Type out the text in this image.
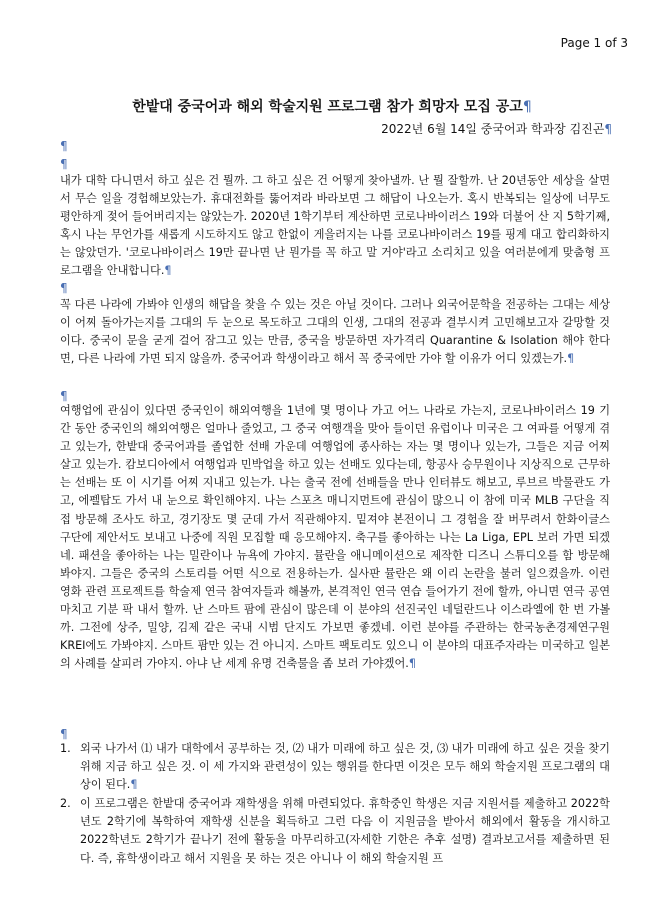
Page 1 of 3
한밭대 중국어과 해외 학술지원 프로그램 참가 희망자 모집 공고¶
2022년 6월 14일 중국어과 학과장 김진곤¶
¶
¶
내가 대학 다니면서 하고 싶은 건 뭘까. 그 하고 싶은 건 어떻게 찾아낼까. 난 뭘 잘할까. 난 20년동안 세상을 살면서 무슨 일을 경험해보았는가. 휴대전화를 뚫어져라 바라보면 그 해답이 나오는가. 혹시 반복되는 일상에 너무도 평안하게 젖어 들어버리지는 않았는가. 2020년 1학기부터 계산하면 코로나바이러스 19와 더불어 산 지 5학기째, 혹시 나는 무언가를 새롭게 시도하지도 않고 한없이 게을러지는 나를 코로나바이러스 19를 핑계 대고 합리화하지는 않았던가. '코로나바이러스 19만 끝나면 난 뭔가를 꼭 하고 말 거야'라고 소리치고 있을 여러분에게 맞춤형 프로그램을 안내합니다.¶
¶
꼭 다른 나라에 가봐야 인생의 해답을 찾을 수 있는 것은 아닐 것이다. 그러나 외국어문학을 전공하는 그대는 세상이 어찌 돌아가는지를 그대의 두 눈으로 목도하고 그대의 인생, 그대의 전공과 결부시켜 고민해보고자 갈망할 것이다. 중국이 문을 굳게 걸어 잠그고 있는 만큼, 중국을 방문하면 자가격리 Quarantine & Isolation 해야 한다면, 다른 나라에 가면 되지 않을까. 중국어과 학생이라고 해서 꼭 중국에만 가야 할 이유가 어디 있겠는가.¶
¶
여행업에 관심이 있다면 중국인이 해외여행을 1년에 몇 명이나 가고 어느 나라로 가는지, 코로나바이러스 19 기간 동안 중국인의 해외여행은 얼마나 줄었고, 그 중국 여행객을 맞아 들이던 유럽이나 미국은 그 여파를 어떻게 겪고 있는가, 한밭대 중국어과를 졸업한 선배 가운데 여행업에 종사하는 자는 몇 명이나 있는가, 그들은 지금 어찌 살고 있는가. 캄보디아에서 여행업과 민박업을 하고 있는 선배도 있다는데, 항공사 승무원이나 지상직으로 근무하는 선배는 또 이 시기를 어찌 지내고 있는가. 나는 출국 전에 선배들을 만나 인터뷰도 해보고, 루브르 박물관도 가고, 에펠탑도 가서 내 눈으로 확인해야지. 나는 스포츠 매니지먼트에 관심이 많으니 이 참에 미국 MLB 구단을 직접 방문해 조사도 하고, 경기장도 몇 군데 가서 직관해야지. 밑져야 본전이니 그 경험을 잘 버무려서 한화이글스 구단에 제안서도 보내고 나중에 직원 모집할 때 응모해야지. 축구를 좋아하는 나는 La Liga, EPL 보러 가면 되겠네. 패션을 좋아하는 나는 밀란이나 뉴욕에 가야지. 뮬란을 애니메이션으로 제작한 디즈니 스튜디오를 함 방문해봐야지. 그들은 중국의 스토리를 어떤 식으로 전용하는가. 실사판 뮬란은 왜 이리 논란을 불러 일으켰을까. 이런 영화 관련 프로젝트를 학술제 연극 참여자들과 해볼까, 본격적인 연극 연습 들어가기 전에 할까, 아니면 연극 공연 마치고 기분 팍 내서 할까. 난 스마트 팜에 관심이 많은데 이 분야의 선진국인 네덜란드나 이스라엘에 한 번 가볼까. 그전에 상주, 밀양, 김제 같은 국내 시범 단지도 가보면 좋겠네. 이런 분야를 주관하는 한국농촌경제연구원 KREI에도 가봐야지. 스마트 팜만 있는 건 아니지. 스마트 팩토리도 있으니 이 분야의 대표주자라는 미국하고 일본의 사례를 살피러 가야지. 아냐 난 세계 유명 건축물을 좀 보러 가야겠어.¶
¶
1. 외국 나가서 ⑴ 내가 대학에서 공부하는 것, ⑵ 내가 미래에 하고 싶은 것, ⑶ 내가 미래에 하고 싶은 것을 찾기 위해 지금 하고 싶은 것. 이 세 가지와 관련성이 있는 행위를 한다면 이것은 모두 해외 학술지원 프로그램의 대상이 된다.¶
2. 이 프로그램은 한밭대 중국어과 재학생을 위해 마련되었다. 휴학중인 학생은 지금 지원서를 제출하고 2022학년도 2학기에 복학하여 재학생 신분을 획득하고 그런 다음 이 지원금을 받아서 해외에서 활동을 개시하고 2022학년도 2학기가 끝나기 전에 활동을 마무리하고(자세한 기한은 추후 설명) 결과보고서를 제출하면 된다. 즉, 휴학생이라고 해서 지원을 못 하는 것은 아니나 이 해외 학술지원 프
